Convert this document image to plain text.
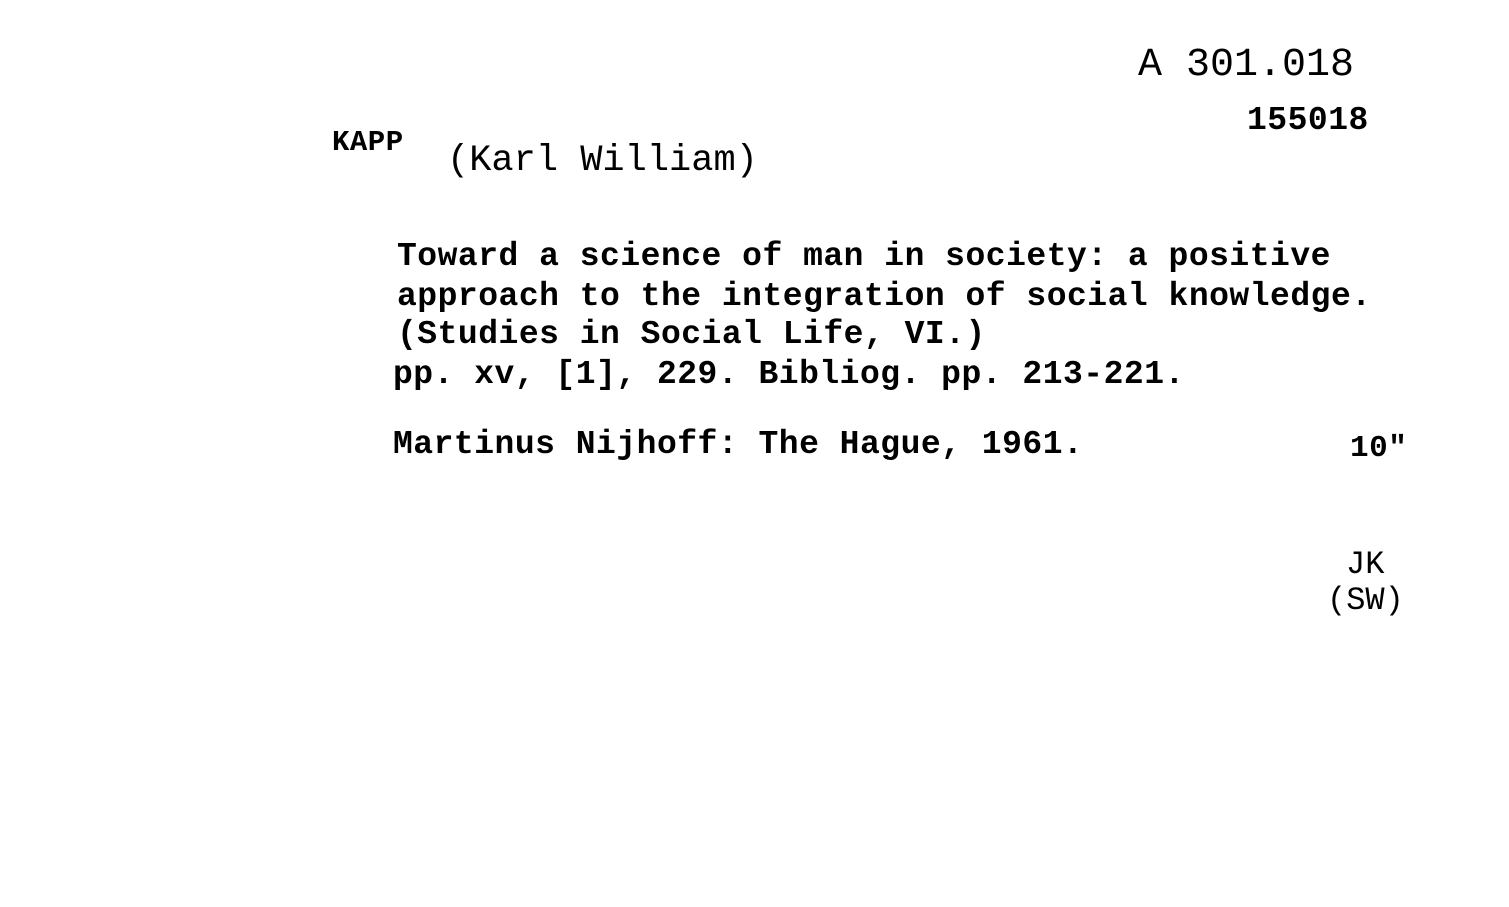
A 301.018
155018
KAPP (Karl William)
Toward a science of man in society: a positive
approach to the integration of social knowledge.
(Studies in Social Life, VI.)
pp. xv, [1], 229. Bibliog. pp. 213-221.
Martinus Nijhoff: The Hague, 1961.	10"
JK
(SW)
